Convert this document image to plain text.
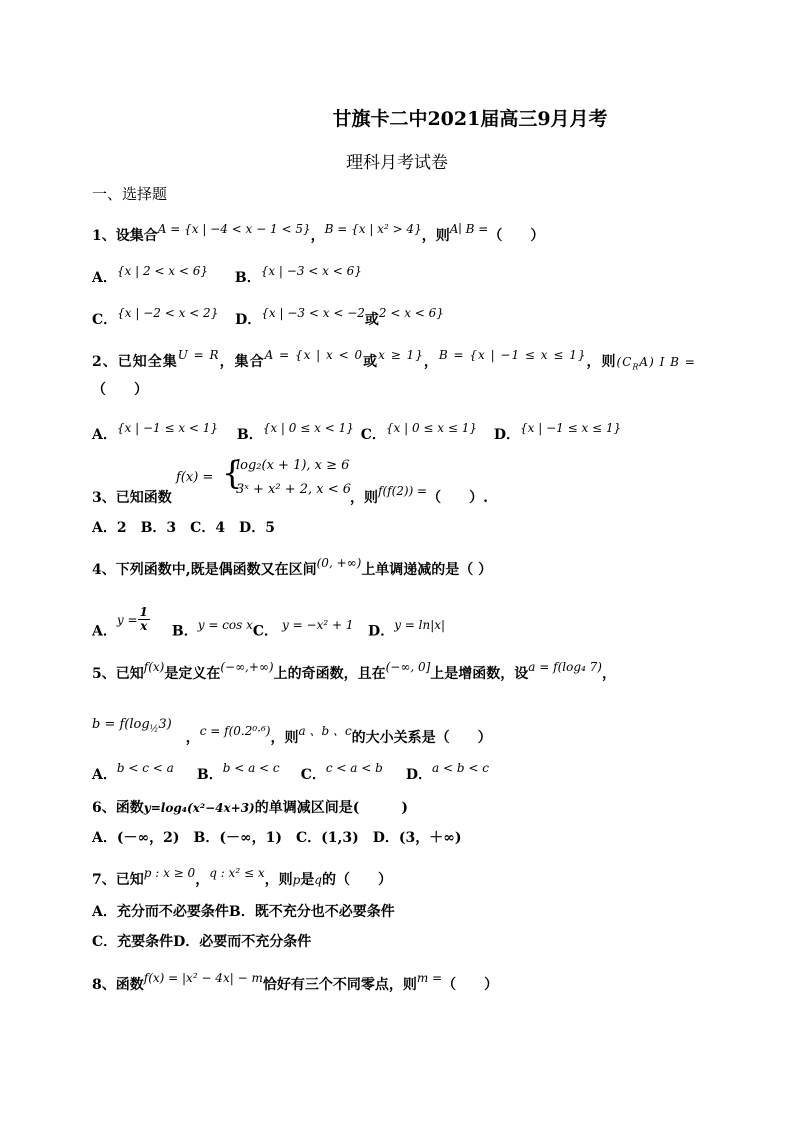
甘旗卡二中2021届高三9月月考
理科月考试卷
一、选择题
1、设集合A = {x | −4 < x − 1 < 5}，B = {x | x² > 4}，则A∣ B =（　　）
A．{x | 2 < x < 6} B．{x | −3 < x < 6}
C．{x | −2 < x < 2} D．{x | −3 < x < −2或2 < x < 6}
2、已知全集U = R，集合A = {x | x < 0或x ≥ 1}，B = {x | −1 ≤ x ≤ 1}，则$(C_RA)$ I B =
（　　）
A．{x | −1 ≤ x < 1} B．{x | 0 ≤ x < 1} C．{x | 0 ≤ x ≤ 1} D．{x | −1 ≤ x ≤ 1}
f(x) = {
log₂(x + 1), x ≥ 6
3ˣ + x² + 2, x < 6
3、已知函数	，则f(f(2)) =（　　）.
A．2　B．3　C．4　D．5
4、下列函数中,既是偶函数又在区间(0, +∞)上单调递减的是（ ）
A．$y = \frac{1}{x}$ B．y = cos xC． y = −x² + 1 D．y = ln|x|
5、已知f(x)是定义在(−∞,+∞)上的奇函数，且在(−∞, 0]上是增函数，设a = f(log₄ 7)，
$b = f(\log_{\frac{1}{2}}3)$，c = f(0.2⁰·⁶)，则a 、b 、c的大小关系是（　　）
A．b < c < a B．b < a < c C．c < a < b D．a < b < c
6、函数y=log₄(x²−4x+3)的单调减区间是(　　　)
A．(－∞，2)　B．(－∞，1)　C．(1,3)　D．(3，＋∞)
7、已知p : x ≥ 0，q : x² ≤ x，则p是q的（　　）
A．充分而不必要条件B．既不充分也不必要条件
C．充要条件D．必要而不充分条件
8、函数f(x) = |x² − 4x| − m恰好有三个不同零点，则m =（　　）
